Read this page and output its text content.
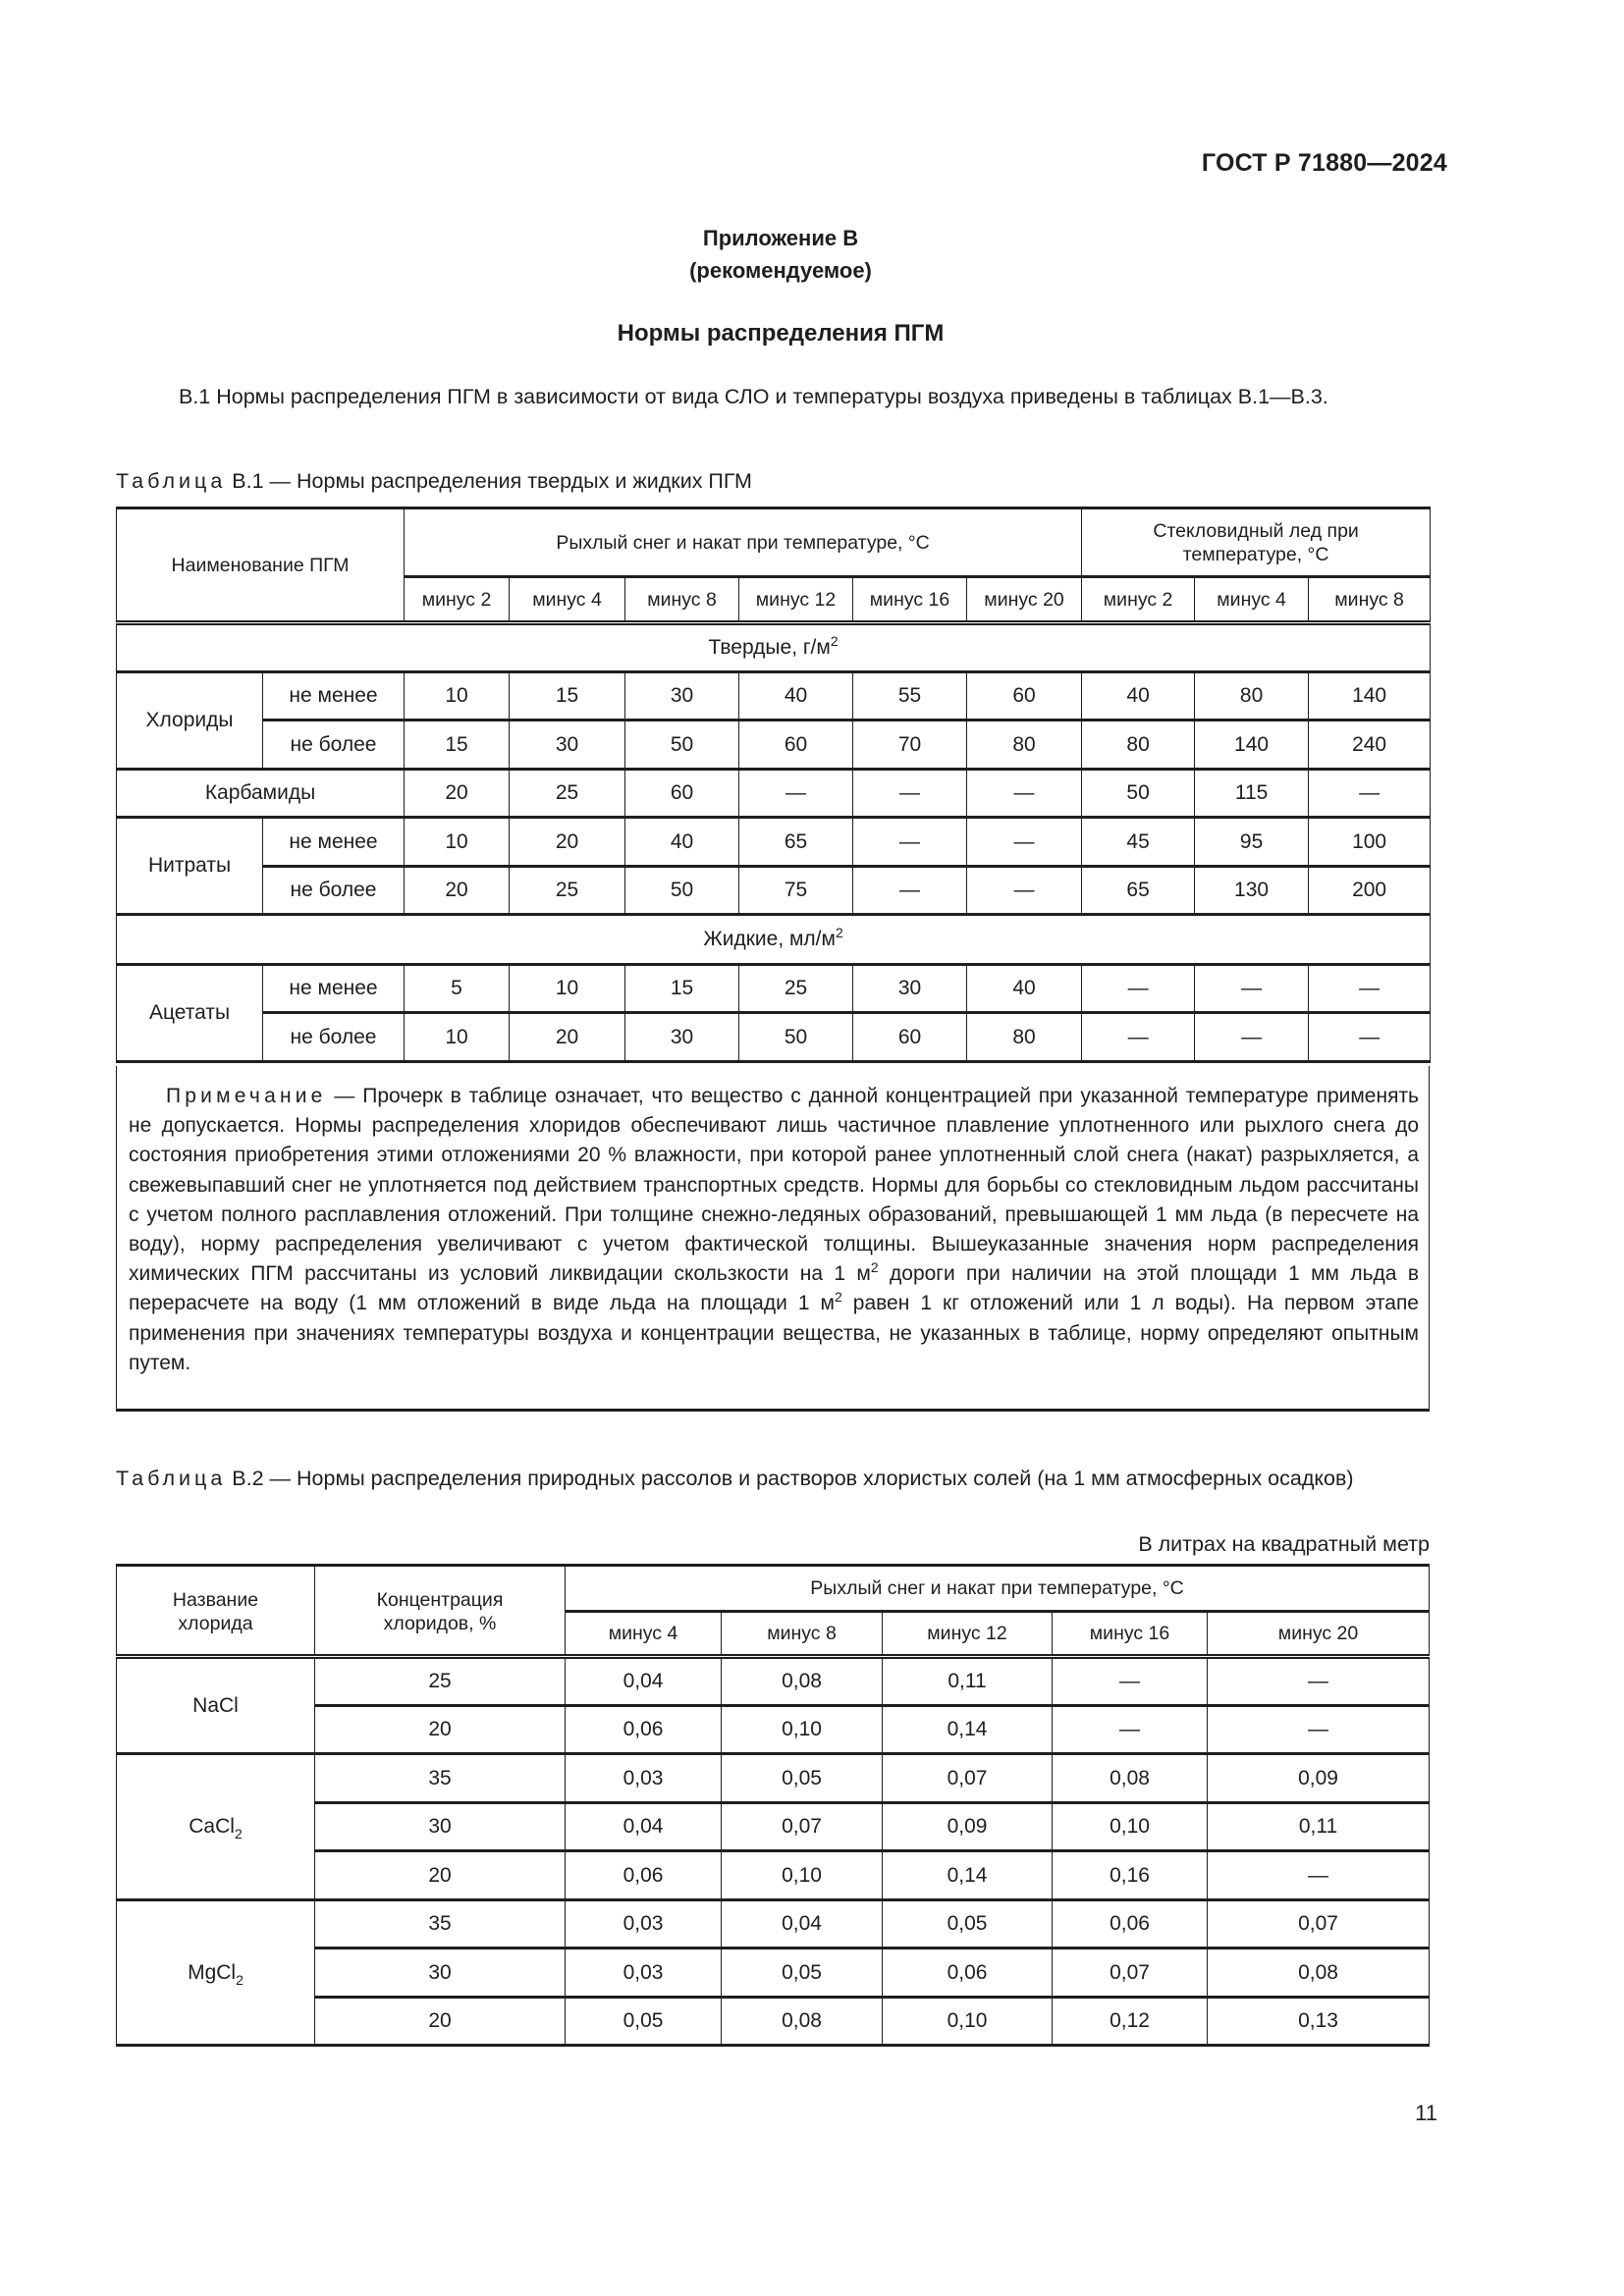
ГОСТ Р 71880—2024
Приложение В
(рекомендуемое)
Нормы распределения ПГМ
В.1 Нормы распределения ПГМ в зависимости от вида СЛО и температуры воздуха приведены в таблицах В.1—В.3.
Таблица В.1 — Нормы распределения твердых и жидких ПГМ
Наименование ПГМ		Рыхлый снег и накат при температуре, °С						Стекловидный лед при температуре, °С		
		минус 2	минус 4	минус 8	минус 12	минус 16	минус 20	минус 2	минус 4	минус 8
Твердые, $г/м^2$
Хлориды	не менее	10	15	30	40	55	60	40	80	140
	не более	15	30	50	60	70	80	80	140	240
Карбамиды		20	25	60	—	—	—	50	115	—
Нитраты	не менее	10	20	40	65	—	—	45	95	100
	не более	20	25	50	75	—	—	65	130	200
Жидкие, $мл/м^2$
Ацетаты	не менее	5	10	15	25	30	40	—	—	—
	не более	10	20	30	50	60	80	—	—	—
Примечание — Прочерк в таблице означает, что вещество с данной концентрацией при указанной температуре применять не допускается. Нормы распределения хлоридов обеспечивают лишь частичное плавление уплотненного или рыхлого снега до состояния приобретения этими отложениями 20 % влажности, при которой ранее уплотненный слой снега (накат) разрыхляется, а свежевыпавший снег не уплотняется под действием транспортных средств. Нормы для борьбы со стекловидным льдом рассчитаны с учетом полного расплавления отложений. При толщине снежно-ледяных образований, превышающей 1 мм льда (в пересчете на воду), норму распределения увеличивают с учетом фактической толщины. Вышеуказанные значения норм распределения химических ПГМ рассчитаны из условий ликвидации скользкости на 1 $м^2$ дороги при наличии на этой площади 1 мм льда в перерасчете на воду (1 мм отложений в виде льда на площади 1 $м^2$ равен 1 кг отложений или 1 л воды). На первом этапе применения при значениях температуры воздуха и концентрации вещества, не указанных в таблице, норму определяют опытным путем.
Таблица В.2 — Нормы распределения природных рассолов и растворов хлористых солей (на 1 мм атмосферных осадков)
В литрах на квадратный метр
Название хлорида	Концентрация хлоридов, %	Рыхлый снег и накат при температуре, °С				
		минус 4	минус 8	минус 12	минус 16	минус 20
NaCl	25	0,04	0,08	0,11	—	—
	20	0,06	0,10	0,14	—	—
CaCl$_2$	35	0,03	0,05	0,07	0,08	0,09
	30	0,04	0,07	0,09	0,10	0,11
	20	0,06	0,10	0,14	0,16	—
MgCl$_2$	35	0,03	0,04	0,05	0,06	0,07
	30	0,03	0,05	0,06	0,07	0,08
	20	0,05	0,08	0,10	0,12	0,13
11
